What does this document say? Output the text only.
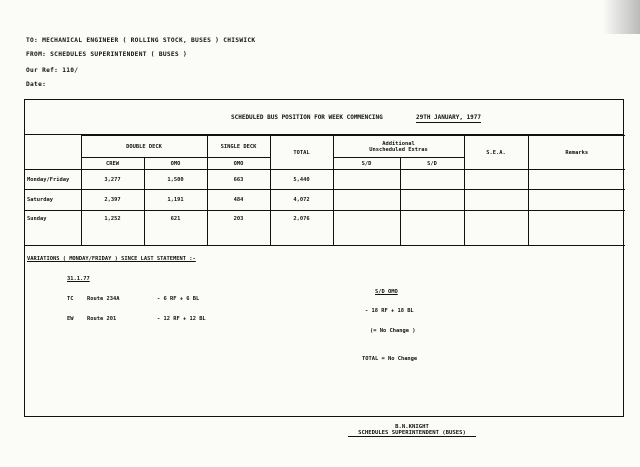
TO: MECHANICAL ENGINEER ( ROLLING STOCK, BUSES ) CHISWICK
FROM: SCHEDULES SUPERINTENDENT ( BUSES )
Our Ref: 110/
Date:
SCHEDULED BUS POSITION FOR WEEK COMMENCING	29TH JANUARY, 1977
	DOUBLE DECK		SINGLE DECK	TOTAL	Additional
Unscheduled Extras		S.E.A.	Remarks
	CREW	OMO	OMO		S/D	S/D		
Monday/Friday	3,277	1,500	663	5,440				
Saturday	2,397	1,191	484	4,072				
Sunday	1,252	621	203	2,076				
VARIATIONS ( MONDAY/FRIDAY ) SINCE LAST STATEMENT :-
31.1.77
TC	Route 234A	- 6 RF + 6 BL
EW	Route 201	- 12 RF + 12 BL
S/D OMO
- 18 RF + 18 BL
(= No Change )
TOTAL = No Change
B.N.KNIGHT
SCHEDULES SUPERINTENDENT (BUSES)
